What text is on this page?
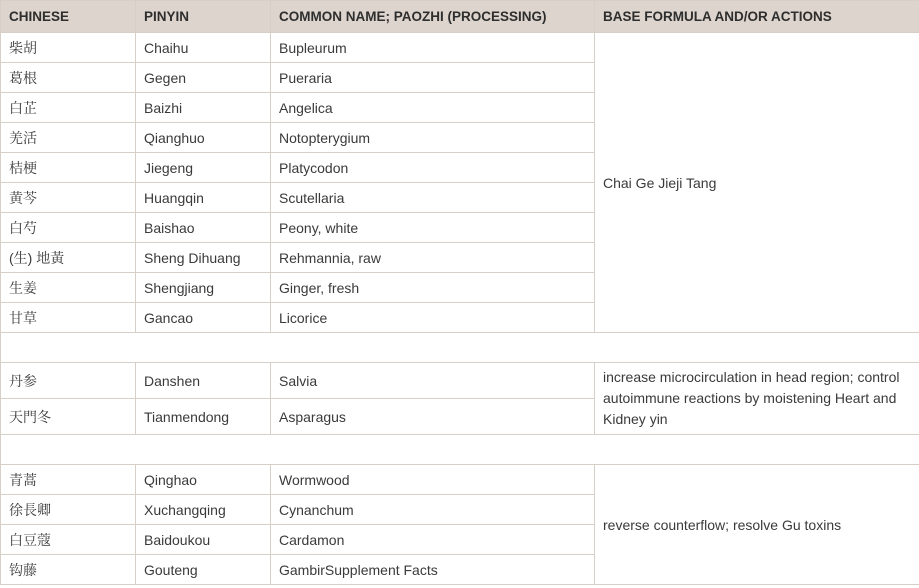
CHINESE	PINYIN	COMMON NAME; PAOZHI (PROCESSING)	BASE FORMULA AND/OR ACTIONS
柴胡	Chaihu	Bupleurum	Chai Ge Jieji Tang
葛根	Gegen	Pueraria	
白芷	Baizhi	Angelica	
羌活	Qianghuo	Notopterygium	
桔梗	Jiegeng	Platycodon	
黄芩	Huangqin	Scutellaria	
白芍	Baishao	Peony, white	
(生) 地黃	Sheng Dihuang	Rehmannia, raw	
生姜	Shengjiang	Ginger, fresh	
甘草	Gancao	Licorice	

丹参	Danshen	Salvia	increase microcirculation in head region; control autoimmune reactions by moistening Heart and Kidney yin
天門冬	Tianmendong	Asparagus	

青蒿	Qinghao	Wormwood	reverse counterflow; resolve Gu toxins
徐長卿	Xuchangqing	Cynanchum	
白豆蔻	Baidoukou	Cardamon	
钩藤	Gouteng	GambirSupplement Facts	
